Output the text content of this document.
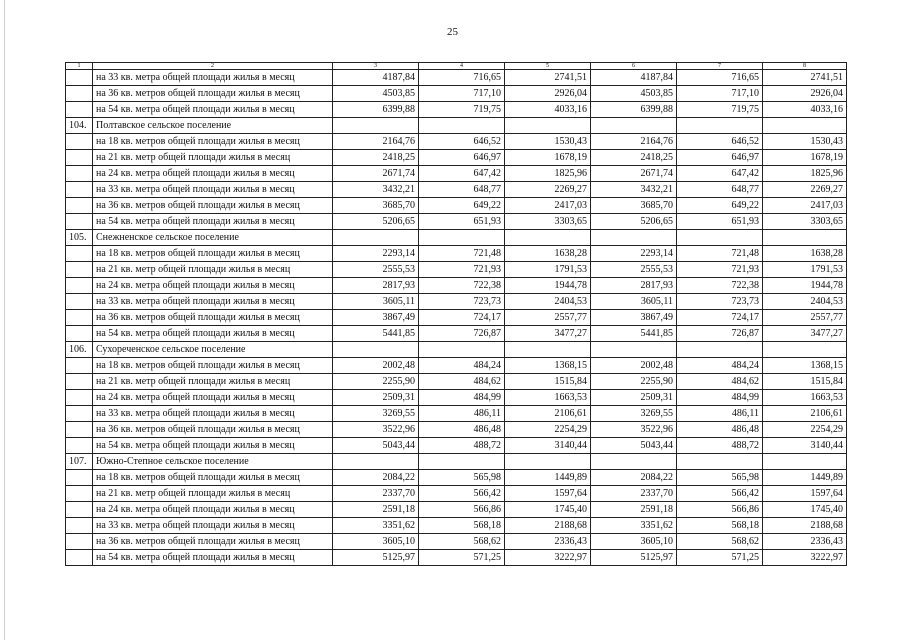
25
1	2	3	4	5	6	7	8
	на 33 кв. метра общей площади жилья в месяц	4187,84	716,65	2741,51	4187,84	716,65	2741,51
	на 36 кв. метров общей площади жилья в месяц	4503,85	717,10	2926,04	4503,85	717,10	2926,04
	на 54 кв. метра общей площади жилья в месяц	6399,88	719,75	4033,16	6399,88	719,75	4033,16
104.	Полтавское сельское поселение						
	на 18 кв. метров общей площади жилья в месяц	2164,76	646,52	1530,43	2164,76	646,52	1530,43
	на 21 кв. метр общей площади жилья в месяц	2418,25	646,97	1678,19	2418,25	646,97	1678,19
	на 24 кв. метра общей площади жилья в месяц	2671,74	647,42	1825,96	2671,74	647,42	1825,96
	на 33 кв. метра общей площади жилья в месяц	3432,21	648,77	2269,27	3432,21	648,77	2269,27
	на 36 кв. метров общей площади жилья в месяц	3685,70	649,22	2417,03	3685,70	649,22	2417,03
	на 54 кв. метра общей площади жилья в месяц	5206,65	651,93	3303,65	5206,65	651,93	3303,65
105.	Снежненское сельское поселение						
	на 18 кв. метров общей площади жилья в месяц	2293,14	721,48	1638,28	2293,14	721,48	1638,28
	на 21 кв. метр общей площади жилья в месяц	2555,53	721,93	1791,53	2555,53	721,93	1791,53
	на 24 кв. метра общей площади жилья в месяц	2817,93	722,38	1944,78	2817,93	722,38	1944,78
	на 33 кв. метра общей площади жилья в месяц	3605,11	723,73	2404,53	3605,11	723,73	2404,53
	на 36 кв. метров общей площади жилья в месяц	3867,49	724,17	2557,77	3867,49	724,17	2557,77
	на 54 кв. метра общей площади жилья в месяц	5441,85	726,87	3477,27	5441,85	726,87	3477,27
106.	Сухореченское сельское поселение						
	на 18 кв. метров общей площади жилья в месяц	2002,48	484,24	1368,15	2002,48	484,24	1368,15
	на 21 кв. метр общей площади жилья в месяц	2255,90	484,62	1515,84	2255,90	484,62	1515,84
	на 24 кв. метра общей площади жилья в месяц	2509,31	484,99	1663,53	2509,31	484,99	1663,53
	на 33 кв. метра общей площади жилья в месяц	3269,55	486,11	2106,61	3269,55	486,11	2106,61
	на 36 кв. метров общей площади жилья в месяц	3522,96	486,48	2254,29	3522,96	486,48	2254,29
	на 54 кв. метра общей площади жилья в месяц	5043,44	488,72	3140,44	5043,44	488,72	3140,44
107.	Южно-Степное сельское поселение						
	на 18 кв. метров общей площади жилья в месяц	2084,22	565,98	1449,89	2084,22	565,98	1449,89
	на 21 кв. метр общей площади жилья в месяц	2337,70	566,42	1597,64	2337,70	566,42	1597,64
	на 24 кв. метра общей площади жилья в месяц	2591,18	566,86	1745,40	2591,18	566,86	1745,40
	на 33 кв. метра общей площади жилья в месяц	3351,62	568,18	2188,68	3351,62	568,18	2188,68
	на 36 кв. метров общей площади жилья в месяц	3605,10	568,62	2336,43	3605,10	568,62	2336,43
	на 54 кв. метра общей площади жилья в месяц	5125,97	571,25	3222,97	5125,97	571,25	3222,97
